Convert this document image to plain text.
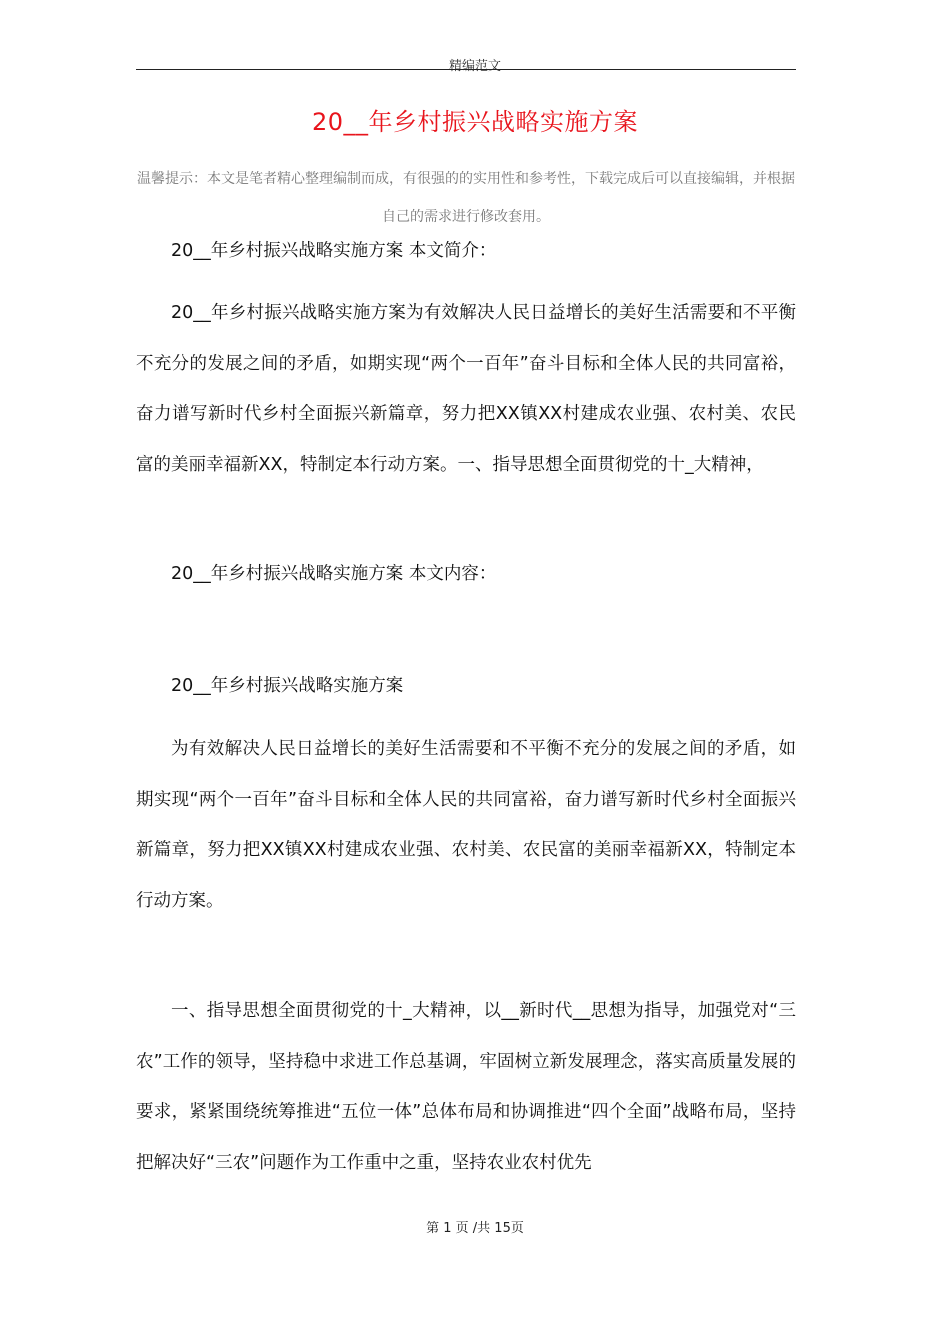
精编范文
20__年乡村振兴战略实施方案
温馨提示：本文是笔者精心整理编制而成，有很强的的实用性和参考性，下载完成后可以直接编辑，并根据自己的需求进行修改套用。

20__年乡村振兴战略实施方案 本文简介：

20__年乡村振兴战略实施方案为有效解决人民日益增长的美好生活需要和不平衡不充分的发展之间的矛盾，如期实现“两个一百年”奋斗目标和全体人民的共同富裕，奋力谱写新时代乡村全面振兴新篇章，努力把XX镇XX村建成农业强、农村美、农民富的美丽幸福新XX，特制定本行动方案。一、指导思想全面贯彻党的十_大精神，

20__年乡村振兴战略实施方案 本文内容：

20__年乡村振兴战略实施方案

为有效解决人民日益增长的美好生活需要和不平衡不充分的发展之间的矛盾，如期实现“两个一百年”奋斗目标和全体人民的共同富裕，奋力谱写新时代乡村全面振兴新篇章，努力把XX镇XX村建成农业强、农村美、农民富的美丽幸福新XX，特制定本行动方案。

一、指导思想全面贯彻党的十_大精神，以__新时代__思想为指导，加强党对“三农”工作的领导，坚持稳中求进工作总基调，牢固树立新发展理念，落实高质量发展的要求，紧紧围绕统筹推进“五位一体”总体布局和协调推进“四个全面”战略布局，坚持把解决好“三农”问题作为工作重中之重，坚持农业农村优先

第 1 页 /共 15页
